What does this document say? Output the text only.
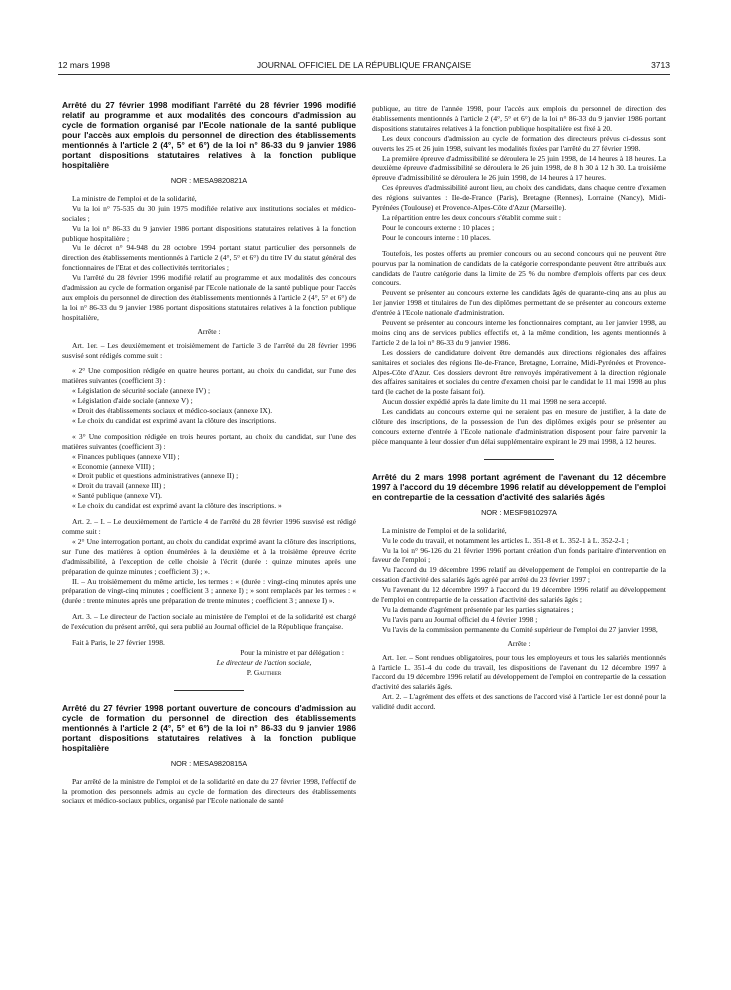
12 mars 1998	JOURNAL OFFICIEL DE LA RÉPUBLIQUE FRANÇAISE	3713

Arrêté du 27 février 1998 modifiant l'arrêté du 28 février 1996 modifié relatif au programme et aux modalités des concours d'admission au cycle de formation organisé par l'Ecole nationale de la santé publique pour l'accès aux emplois du personnel de direction des établissements mentionnés à l'article 2 (4°, 5° et 6°) de la loi n° 86-33 du 9 janvier 1986 portant dispositions statutaires relatives à la fonction publique hospitalière

NOR : MESA9820821A

La ministre de l'emploi et de la solidarité,

Vu la loi n° 75-535 du 30 juin 1975 modifiée relative aux institutions sociales et médico-sociales ;

Vu la loi n° 86-33 du 9 janvier 1986 portant dispositions statutaires relatives à la fonction publique hospitalière ;

Vu le décret n° 94-948 du 28 octobre 1994 portant statut particulier des personnels de direction des établissements mentionnés à l'article 2 (4°, 5° et 6°) du titre IV du statut général des fonctionnaires de l'Etat et des collectivités territoriales ;

Vu l'arrêté du 28 février 1996 modifié relatif au programme et aux modalités des concours d'admission au cycle de formation organisé par l'Ecole nationale de la santé publique pour l'accès aux emplois du personnel de direction des établissements mentionnés à l'article 2 (4°, 5° et 6°) de la loi n° 86-33 du 9 janvier 1986 portant dispositions statutaires relatives à la fonction publique hospitalière,

Arrête :

Art. 1er. – Les deuxièmement et troisièmement de l'article 3 de l'arrêté du 28 février 1996 susvisé sont rédigés comme suit :

« 2° Une composition rédigée en quatre heures portant, au choix du candidat, sur l'une des matières suivantes (coefficient 3) :

« Législation de sécurité sociale (annexe IV) ;

« Législation d'aide sociale (annexe V) ;

« Droit des établissements sociaux et médico-sociaux (annexe IX).

« Le choix du candidat est exprimé avant la clôture des inscriptions.

« 3° Une composition rédigée en trois heures portant, au choix du candidat, sur l'une des matières suivantes (coefficient 3) :

« Finances publiques (annexe VII) ;

« Economie (annexe VIII) ;

« Droit public et questions administratives (annexe II) ;

« Droit du travail (annexe III) ;

« Santé publique (annexe VI).

« Le choix du candidat est exprimé avant la clôture des inscriptions. »

Art. 2. – I. – Le deuxièmement de l'article 4 de l'arrêté du 28 février 1996 susvisé est rédigé comme suit :

« 2° Une interrogation portant, au choix du candidat exprimé avant la clôture des inscriptions, sur l'une des matières à option énumérées à la deuxième et à la troisième épreuve écrite d'admissibilité, à l'exception de celle choisie à l'écrit (durée : quinze minutes après une préparation de quinze minutes ; coefficient 3) ; ».

II. – Au troisièmement du même article, les termes : « (durée : vingt-cinq minutes après une préparation de vingt-cinq minutes ; coefficient 3 ; annexe I) ; » sont remplacés par les termes : « (durée : trente minutes après une préparation de trente minutes ; coefficient 3 ; annexe I) ».

Art. 3. – Le directeur de l'action sociale au ministère de l'emploi et de la solidarité est chargé de l'exécution du présent arrêté, qui sera publié au Journal officiel de la République française.

Fait à Paris, le 27 février 1998.

Pour la ministre et par délégation :

Le directeur de l'action sociale,

P. Gauthier

Arrêté du 27 février 1998 portant ouverture de concours d'admission au cycle de formation du personnel de direction des établissements mentionnés à l'article 2 (4°, 5° et 6°) de la loi n° 86-33 du 9 janvier 1986 portant dispositions statutaires relatives à la fonction publique hospitalière

NOR : MESA9820815A

Par arrêté de la ministre de l'emploi et de la solidarité en date du 27 février 1998, l'effectif de la promotion des personnels admis au cycle de formation des directeurs des établissements sociaux et médico-sociaux publics, organisé par l'Ecole nationale de santé

publique, au titre de l'année 1998, pour l'accès aux emplois du personnel de direction des établissements mentionnés à l'article 2 (4°, 5° et 6°) de la loi n° 86-33 du 9 janvier 1986 portant dispositions statutaires relatives à la fonction publique hospitalière est fixé à 20.

Les deux concours d'admission au cycle de formation des directeurs prévus ci-dessus sont ouverts les 25 et 26 juin 1998, suivant les modalités fixées par l'arrêté du 27 février 1998.

La première épreuve d'admissibilité se déroulera le 25 juin 1998, de 14 heures à 18 heures. La deuxième épreuve d'admissibilité se déroulera le 26 juin 1998, de 8 h 30 à 12 h 30. La troisième épreuve d'admissibilité se déroulera le 26 juin 1998, de 14 heures à 17 heures.

Ces épreuves d'admissibilité auront lieu, au choix des candidats, dans chaque centre d'examen des régions suivantes : Ile-de-France (Paris), Bretagne (Rennes), Lorraine (Nancy), Midi-Pyrénées (Toulouse) et Provence-Alpes-Côte d'Azur (Marseille).

La répartition entre les deux concours s'établit comme suit :

Pour le concours externe : 10 places ;

Pour le concours interne : 10 places.

Toutefois, les postes offerts au premier concours ou au second concours qui ne peuvent être pourvus par la nomination de candidats de la catégorie correspondante peuvent être attribués aux candidats de l'autre catégorie dans la limite de 25 % du nombre d'emplois offerts par ces deux concours.

Peuvent se présenter au concours externe les candidats âgés de quarante-cinq ans au plus au 1er janvier 1998 et titulaires de l'un des diplômes permettant de se présenter au concours externe d'entrée à l'Ecole nationale d'administration.

Peuvent se présenter au concours interne les fonctionnaires comptant, au 1er janvier 1998, au moins cinq ans de services publics effectifs et, à la même condition, les agents mentionnés à l'article 2 de la loi n° 86-33 du 9 janvier 1986.

Les dossiers de candidature doivent être demandés aux directions régionales des affaires sanitaires et sociales des régions Ile-de-France, Bretagne, Lorraine, Midi-Pyrénées et Provence-Alpes-Côte d'Azur. Ces dossiers devront être renvoyés impérativement à la direction régionale des affaires sanitaires et sociales du centre d'examen choisi par le candidat le 11 mai 1998 au plus tard (le cachet de la poste faisant foi).

Aucun dossier expédié après la date limite du 11 mai 1998 ne sera accepté.

Les candidats au concours externe qui ne seraient pas en mesure de justifier, à la date de clôture des inscriptions, de la possession de l'un des diplômes exigés pour se présenter au concours externe d'entrée à l'Ecole nationale d'administration disposent pour faire parvenir la pièce manquante à leur dossier d'un délai supplémentaire expirant le 29 mai 1998, à 12 heures.

Arrêté du 2 mars 1998 portant agrément de l'avenant du 12 décembre 1997 à l'accord du 19 décembre 1996 relatif au développement de l'emploi en contrepartie de la cessation d'activité des salariés âgés

NOR : MESF9810297A

La ministre de l'emploi et de la solidarité,

Vu le code du travail, et notamment les articles L. 351-8 et L. 352-1 à L. 352-2-1 ;

Vu la loi n° 96-126 du 21 février 1996 portant création d'un fonds paritaire d'intervention en faveur de l'emploi ;

Vu l'accord du 19 décembre 1996 relatif au développement de l'emploi en contrepartie de la cessation d'activité des salariés âgés agréé par arrêté du 23 février 1997 ;

Vu l'avenant du 12 décembre 1997 à l'accord du 19 décembre 1996 relatif au développement de l'emploi en contrepartie de la cessation d'activité des salariés âgés ;

Vu la demande d'agrément présentée par les parties signataires ;

Vu l'avis paru au Journal officiel du 4 février 1998 ;

Vu l'avis de la commission permanente du Comité supérieur de l'emploi du 27 janvier 1998,

Arrête :

Art. 1er. – Sont rendues obligatoires, pour tous les employeurs et tous les salariés mentionnés à l'article L. 351-4 du code du travail, les dispositions de l'avenant du 12 décembre 1997 à l'accord du 19 décembre 1996 relatif au développement de l'emploi en contrepartie de la cessation d'activité des salariés âgés.

Art. 2. – L'agrément des effets et des sanctions de l'accord visé à l'article 1er est donné pour la validité dudit accord.
